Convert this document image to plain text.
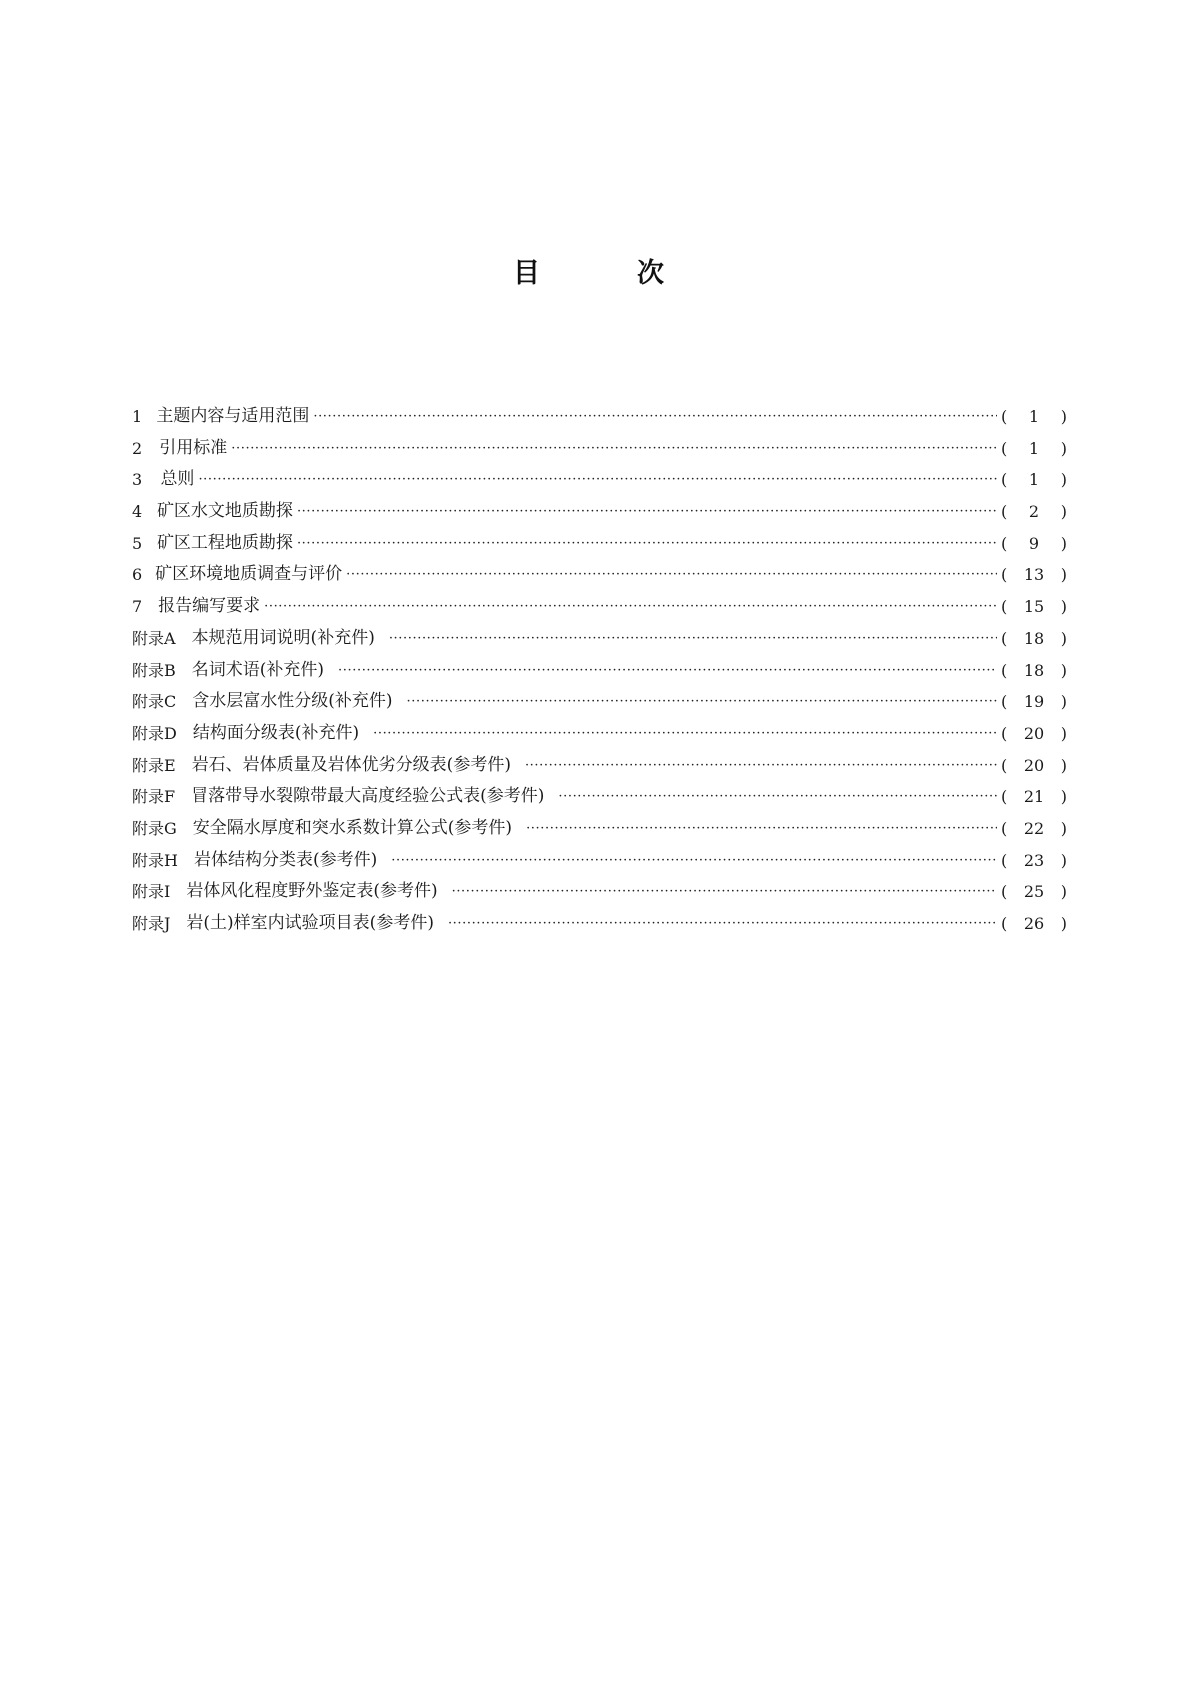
目	次
1 主题内容与适用范围 ·····	(	1	)
2	引用标准 ·····	(	1	)
3	总则 ·····	(	1	)
4 矿区水文地质勘探 ·····	(	2	)
5 矿区工程地质勘探 ·····	(	9	)
6 矿区环境地质调查与评价 ·····	(	13	)
7 报告编写要求 ·····	(	15	)
附录A 本规范用词说明(补充件) ·····	(	18	)
附录B 名词术语(补充件) ·····	(	18	)
附录C 含水层富水性分级(补充件) ·····	(	19	)
附录D 结构面分级表(补充件) ·····	(	20	)
附录E 岩石、岩体质量及岩体优劣分级表(参考件) ·····	(	20	)
附录F 冒落带导水裂隙带最大高度经验公式表(参考件) ·····	(	21	)
附录G 安全隔水厚度和突水系数计算公式(参考件) ·····	(	22	)
附录H 岩体结构分类表(参考件) ·····	(	23	)
附录I 岩体风化程度野外鉴定表(参考件) ·····	(	25	)
附录J 岩(土)样室内试验项目表(参考件) ·····	(	26	)
